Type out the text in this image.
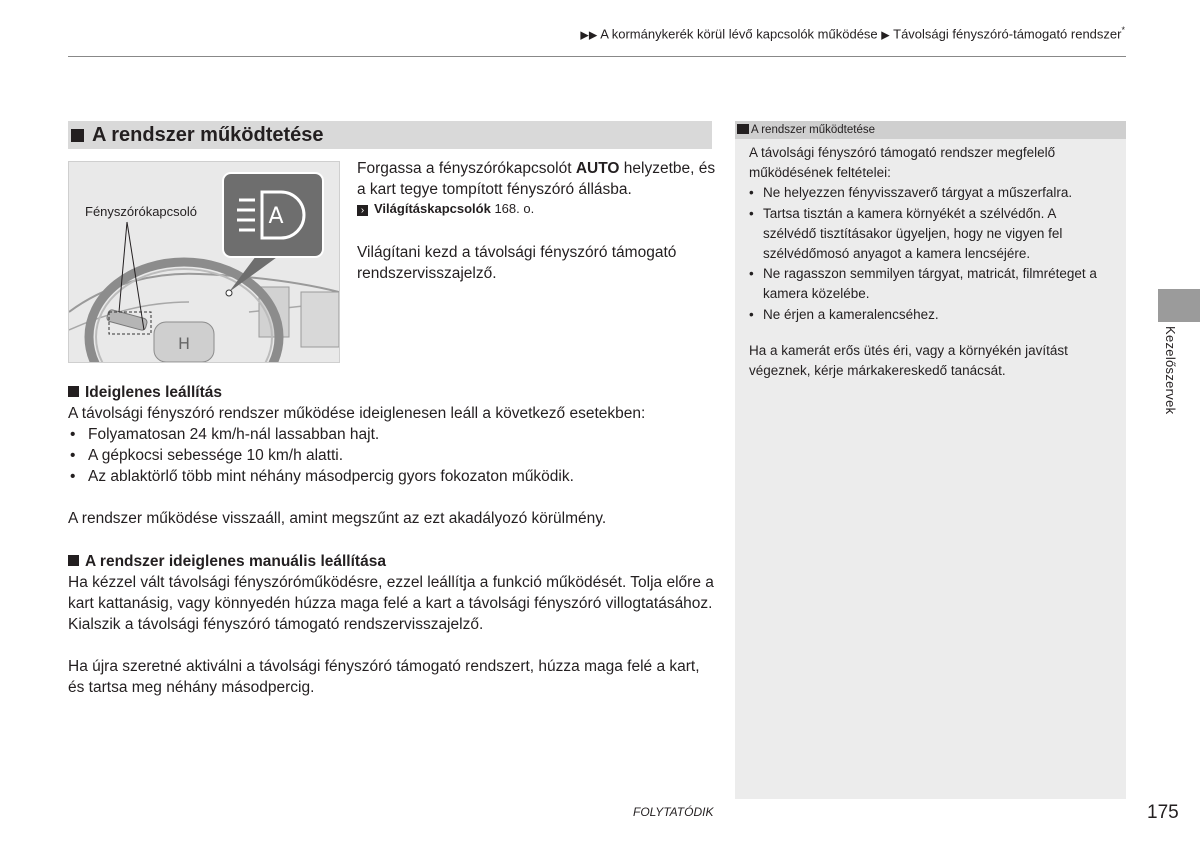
▶▶ A kormánykerék körül lévő kapcsolók működése ▶ Távolsági fényszóró-támogató rendszer*
A rendszer működtetése
H
A
Fényszórókapcsoló
Forgassa a fényszórókapcsolót AUTO helyzetbe, és a kart tegye tompított fényszóró állásba.
› Világításkapcsolók 168. o.
Világítani kezd a távolsági fényszóró támogató rendszervisszajelző.
Ideiglenes leállítás
A távolsági fényszóró rendszer működése ideiglenesen leáll a következő esetekben:
• Folyamatosan 24 km/h-nál lassabban hajt.
• A gépkocsi sebessége 10 km/h alatti.
• Az ablaktörlő több mint néhány másodpercig gyors fokozaton működik.
A rendszer működése visszaáll, amint megszűnt az ezt akadályozó körülmény.
A rendszer ideiglenes manuális leállítása
Ha kézzel vált távolsági fényszóróműködésre, ezzel leállítja a funkció működését. Tolja előre a kart kattanásig, vagy könnyedén húzza maga felé a kart a távolsági fényszóró villogtatásához. Kialszik a távolsági fényszóró támogató rendszervisszajelző.
Ha újra szeretné aktiválni a távolsági fényszóró támogató rendszert, húzza maga felé a kart, és tartsa meg néhány másodpercig.
A rendszer működtetése
A távolsági fényszóró támogató rendszer megfelelő működésének feltételei:
• Ne helyezzen fényvisszaverő tárgyat a műszerfalra.
• Tartsa tisztán a kamera környékét a szélvédőn. A szélvédő tisztításakor ügyeljen, hogy ne vigyen fel szélvédőmosó anyagot a kamera lencséjére.
• Ne ragasszon semmilyen tárgyat, matricát, filmréteget a kamera közelébe.
• Ne érjen a kameralencséhez.
Ha a kamerát erős ütés éri, vagy a környékén javítást végeznek, kérje márkakereskedő tanácsát.	Kezelőszervek
FOLYTATÓDIK	175
